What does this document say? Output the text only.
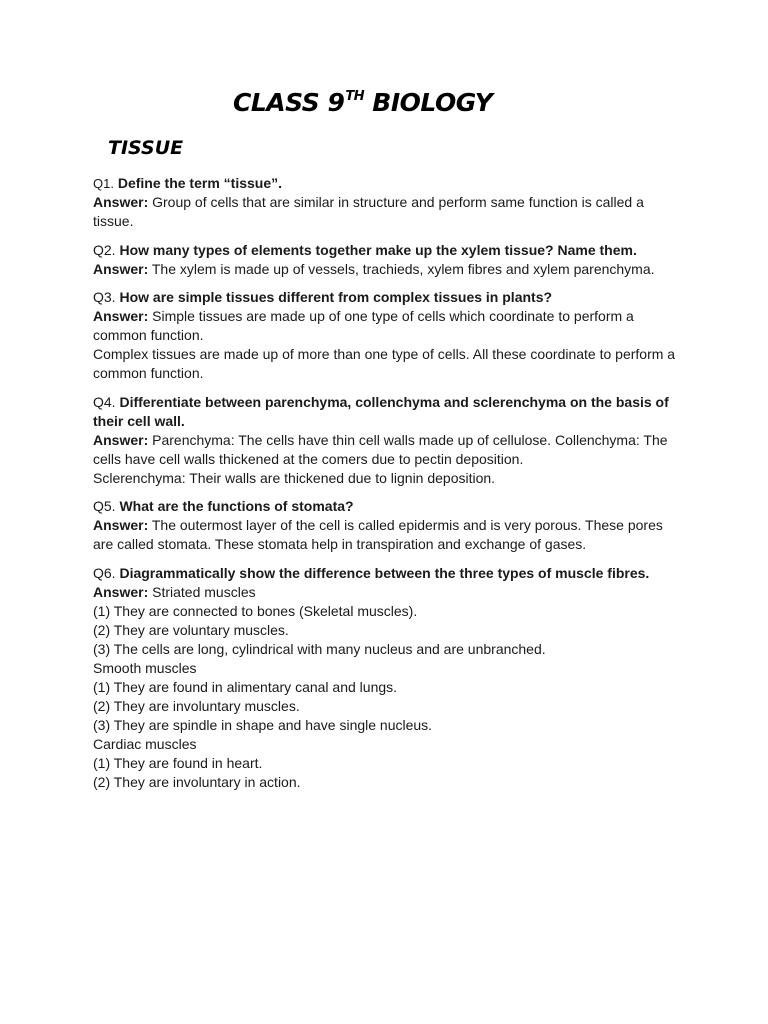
CLASS 9TH BIOLOGY
TISSUE

Q1. Define the term “tissue”.

Answer: Group of cells that are similar in structure and perform same function is called a tissue.

Q2. How many types of elements together make up the xylem tissue? Name them.

Answer: The xylem is made up of vessels, trachieds, xylem fibres and xylem parenchyma.

Q3. How are simple tissues different from complex tissues in plants?

Answer: Simple tissues are made up of one type of cells which coordinate to perform a common function.

Complex tissues are made up of more than one type of cells. All these coordinate to perform a common function.

Q4. Differentiate between parenchyma, collenchyma and sclerenchyma on the basis of their cell wall.

Answer: Parenchyma: The cells have thin cell walls made up of cellulose. Collenchyma: The cells have cell walls thickened at the comers due to pectin deposition.

Sclerenchyma: Their walls are thickened due to lignin deposition.

Q5. What are the functions of stomata?

Answer: The outermost layer of the cell is called epidermis and is very porous. These pores are called stomata. These stomata help in transpiration and exchange of gases.

Q6. Diagrammatically show the difference between the three types of muscle fibres.

Answer: Striated muscles

(1) They are connected to bones (Skeletal muscles).

(2) They are voluntary muscles.

(3) The cells are long, cylindrical with many nucleus and are unbranched.

Smooth muscles

(1) They are found in alimentary canal and lungs.

(2) They are involuntary muscles.

(3) They are spindle in shape and have single nucleus.

Cardiac muscles

(1) They are found in heart.

(2) They are involuntary in action.
